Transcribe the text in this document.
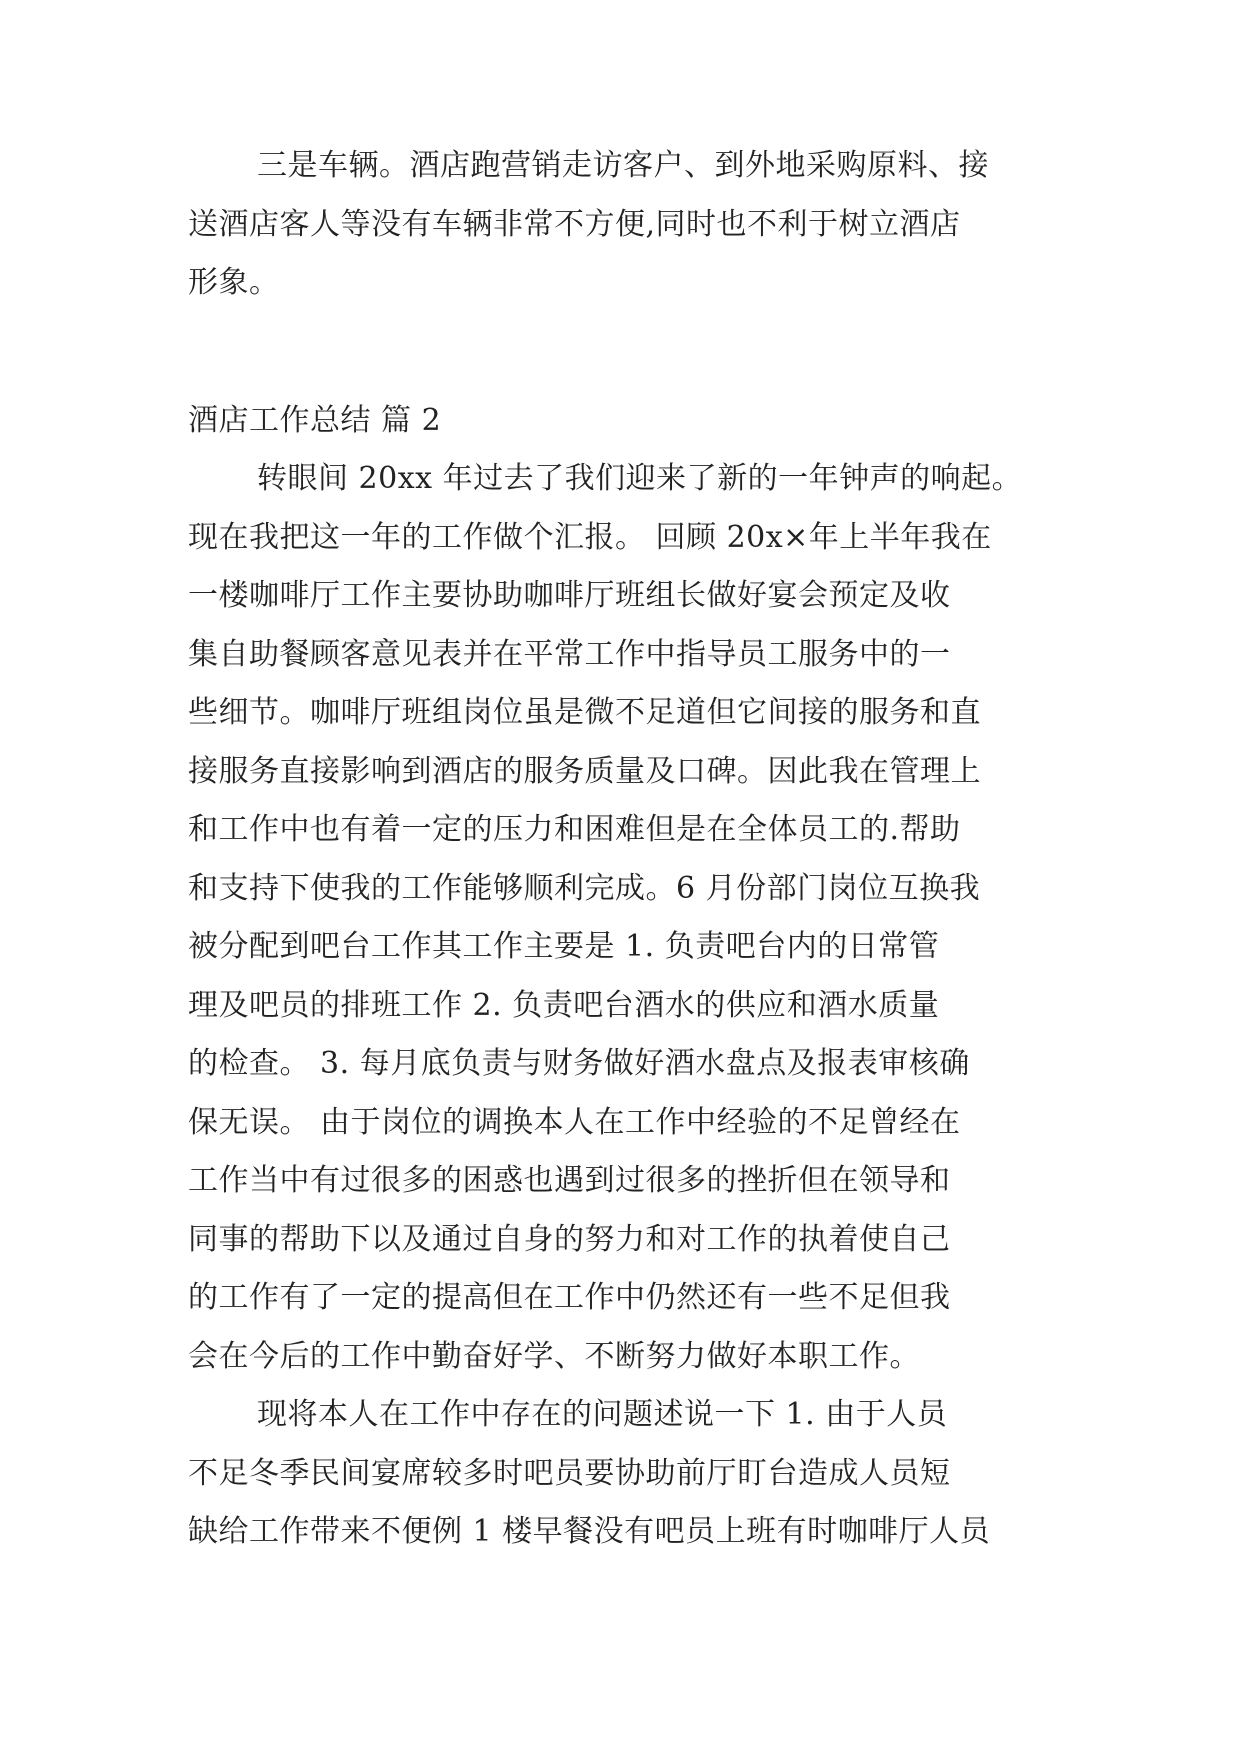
三是车辆。酒店跑营销走访客户、到外地采购原料、接
送酒店客人等没有车辆非常不方便,同时也不利于树立酒店
形象。
酒店工作总结 篇 2
转眼间 20xx 年过去了我们迎来了新的一年钟声的响起。
现在我把这一年的工作做个汇报。 回顾 20x×年上半年我在
一楼咖啡厅工作主要协助咖啡厅班组长做好宴会预定及收
集自助餐顾客意见表并在平常工作中指导员工服务中的一
些细节。咖啡厅班组岗位虽是微不足道但它间接的服务和直
接服务直接影响到酒店的服务质量及口碑。因此我在管理上
和工作中也有着一定的压力和困难但是在全体员工的.帮助
和支持下使我的工作能够顺利完成。6 月份部门岗位互换我
被分配到吧台工作其工作主要是 1. 负责吧台内的日常管
理及吧员的排班工作 2. 负责吧台酒水的供应和酒水质量
的检查。 3. 每月底负责与财务做好酒水盘点及报表审核确
保无误。 由于岗位的调换本人在工作中经验的不足曾经在
工作当中有过很多的困惑也遇到过很多的挫折但在领导和
同事的帮助下以及通过自身的努力和对工作的执着使自己
的工作有了一定的提高但在工作中仍然还有一些不足但我
会在今后的工作中勤奋好学、不断努力做好本职工作。
现将本人在工作中存在的问题述说一下 1. 由于人员
不足冬季民间宴席较多时吧员要协助前厅盯台造成人员短
缺给工作带来不便例 1 楼早餐没有吧员上班有时咖啡厅人员
